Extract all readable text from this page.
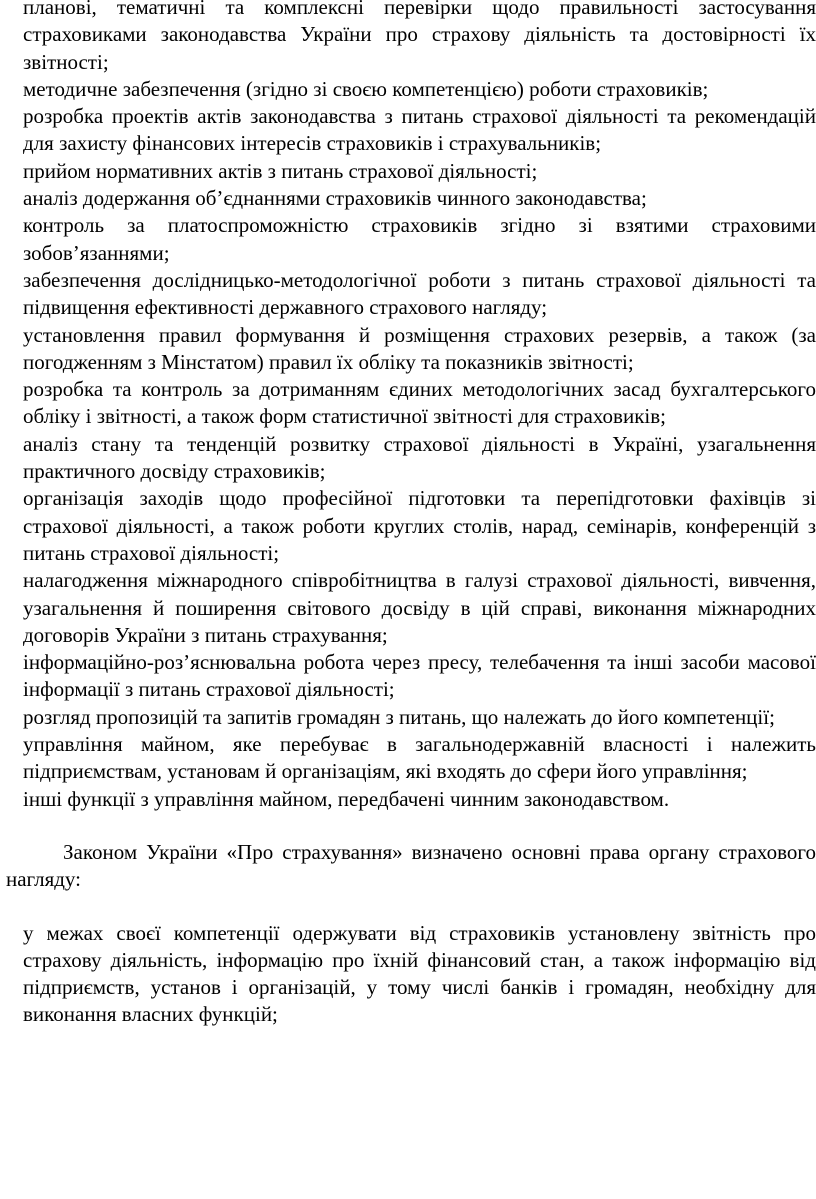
планові, тематичні та комплексні перевірки щодо правильності застосування страховиками законодавства України про страхову діяльність та достовірності їх звітності;
методичне забезпечення (згідно зі своєю компетенцією) роботи страховиків;
розробка проектів актів законодавства з питань страхової діяльності та рекомендацій для захисту фінансових інтересів страховиків і страхувальників;
прийом нормативних актів з питань страхової діяльності;
аналіз додержання об’єднаннями страховиків чинного законодавства;
контроль за платоспроможністю страховиків згідно зі взятими страховими зобов’язаннями;
забезпечення дослідницько-методологічної роботи з питань страхової діяльності та підвищення ефективності державного страхового нагляду;
установлення правил формування й розміщення страхових резервів, а також (за погодженням з Мінстатом) правил їх обліку та показників звітності;
розробка та контроль за дотриманням єдиних методологічних засад бухгалтерського обліку і звітності, а також форм статистичної звітності для страховиків;
аналіз стану та тенденцій розвитку страхової діяльності в Україні, узагальнення практичного досвіду страховиків;
організація заходів щодо професійної підготовки та перепідготовки фахівців зі страхової діяльності, а також роботи круглих столів, нарад, семінарів, конференцій з питань страхової діяльності;
налагодження міжнародного співробітництва в галузі страхової діяльності, вивчення, узагальнення й поширення світового досвіду в цій справі, виконання міжнародних договорів України з питань страхування;
інформаційно-роз’яснювальна робота через пресу, телебачення та інші засоби масової інформації з питань страхової діяльності;
розгляд пропозицій та запитів громадян з питань, що належать до його компетенції;
управління майном, яке перебуває в загальнодержавній власності і належить підприємствам, установам й організаціям, які входять до сфери його управління;
інші функції з управління майном, передбачені чинним законодавством.

Законом України «Про страхування» визначено основні права органу страхового нагляду:

у межах своєї компетенції одержувати від страховиків установлену звітність про страхову діяльність, інформацію про їхній фінансовий стан, а також інформацію від підприємств, установ і організацій, у тому числі банків і громадян, необхідну для виконання власних функцій;
